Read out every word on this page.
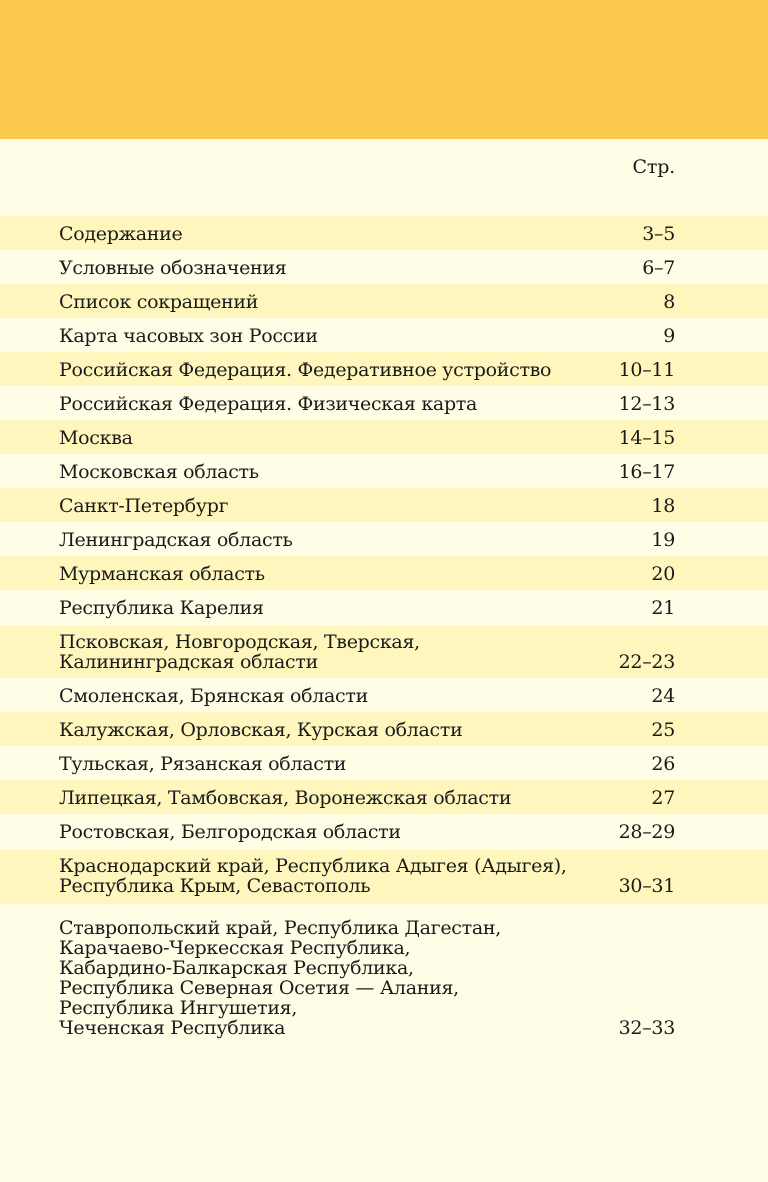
Стр.
Содержание	3–5
Условные обозначения	6–7
Список сокращений	8
Карта часовых зон России	9
Российская Федерация. Федеративное устройство	10–11
Российская Федерация. Физическая карта	12–13
Москва	14–15
Московская область	16–17
Санкт-Петербург	18
Ленинградская область	19
Мурманская область	20
Республика Карелия	21
Псковская, Новгородская, Тверская,
Калининградская области	22–23
Смоленская, Брянская области	24
Калужская, Орловская, Курская области	25
Тульская, Рязанская области	26
Липецкая, Тамбовская, Воронежская области	27
Ростовская, Белгородская области	28–29
Краснодарский край, Республика Адыгея (Адыгея),
Республика Крым, Севастополь	30–31
Ставропольский край, Республика Дагестан,
Карачаево-Черкесская Республика,
Кабардино-Балкарская Республика,
Республика Северная Осетия — Алания,
Республика Ингушетия,
Чеченская Республика	32–33
